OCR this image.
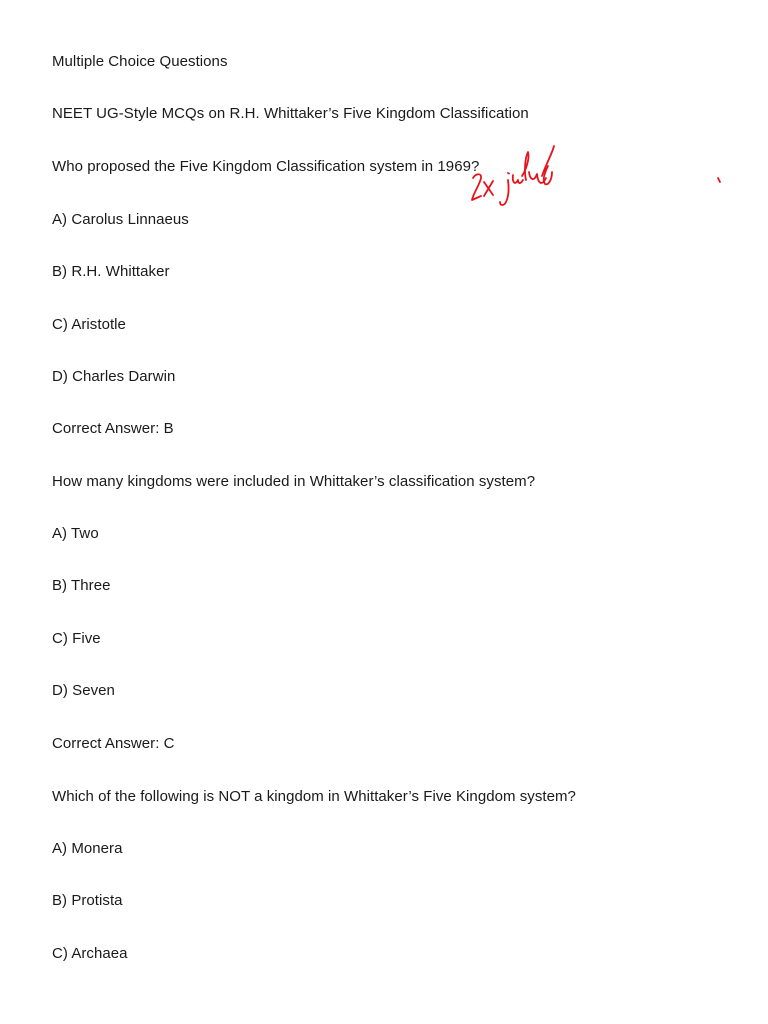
Multiple Choice Questions

NEET UG-Style MCQs on R.H. Whittaker’s Five Kingdom Classification

Who proposed the Five Kingdom Classification system in 1969?

A) Carolus Linnaeus

B) R.H. Whittaker

C) Aristotle

D) Charles Darwin

Correct Answer: B

How many kingdoms were included in Whittaker’s classification system?

A) Two

B) Three

C) Five

D) Seven

Correct Answer: C

Which of the following is NOT a kingdom in Whittaker’s Five Kingdom system?

A) Monera

B) Protista

C) Archaea
